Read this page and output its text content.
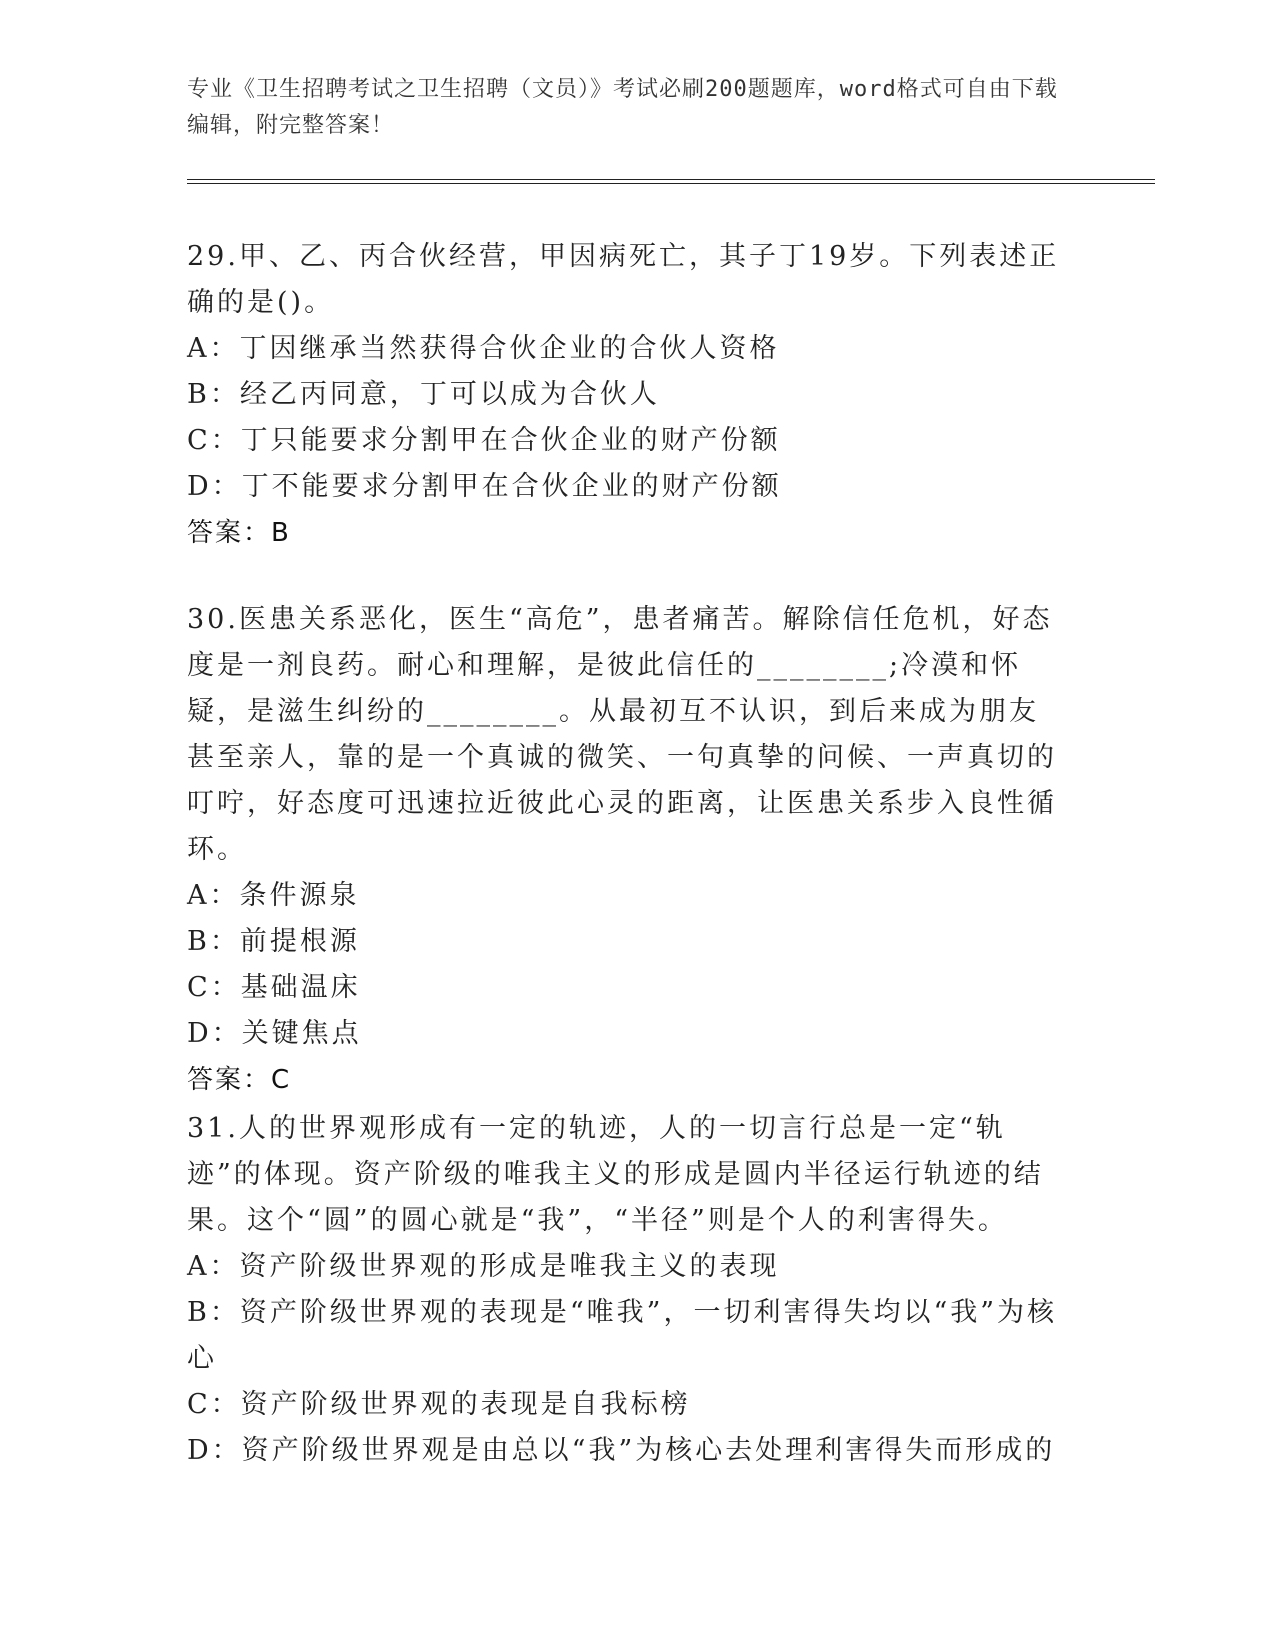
专业《卫生招聘考试之卫生招聘（文员）》考试必刷200题题库，word格式可自由下载编辑，附完整答案！

29.甲、乙、丙合伙经营，甲因病死亡，其子丁19岁。下列表述正确的是()。

A：丁因继承当然获得合伙企业的合伙人资格

B：经乙丙同意，丁可以成为合伙人

C：丁只能要求分割甲在合伙企业的财产份额

D：丁不能要求分割甲在合伙企业的财产份额

答案：B

30.医患关系恶化，医生“高危”，患者痛苦。解除信任危机，好态度是一剂良药。耐心和理解，是彼此信任的________;冷漠和怀疑，是滋生纠纷的________。从最初互不认识，到后来成为朋友甚至亲人，靠的是一个真诚的微笑、一句真挚的问候、一声真切的叮咛，好态度可迅速拉近彼此心灵的距离，让医患关系步入良性循环。

A：条件源泉

B：前提根源

C：基础温床

D：关键焦点

答案：C

31.人的世界观形成有一定的轨迹，人的一切言行总是一定“轨迹”的体现。资产阶级的唯我主义的形成是圆内半径运行轨迹的结果。这个“圆”的圆心就是“我”，“半径”则是个人的利害得失。

A：资产阶级世界观的形成是唯我主义的表现

B：资产阶级世界观的表现是“唯我”，一切利害得失均以“我”为核心

C：资产阶级世界观的表现是自我标榜

D：资产阶级世界观是由总以“我”为核心去处理利害得失而形成的
